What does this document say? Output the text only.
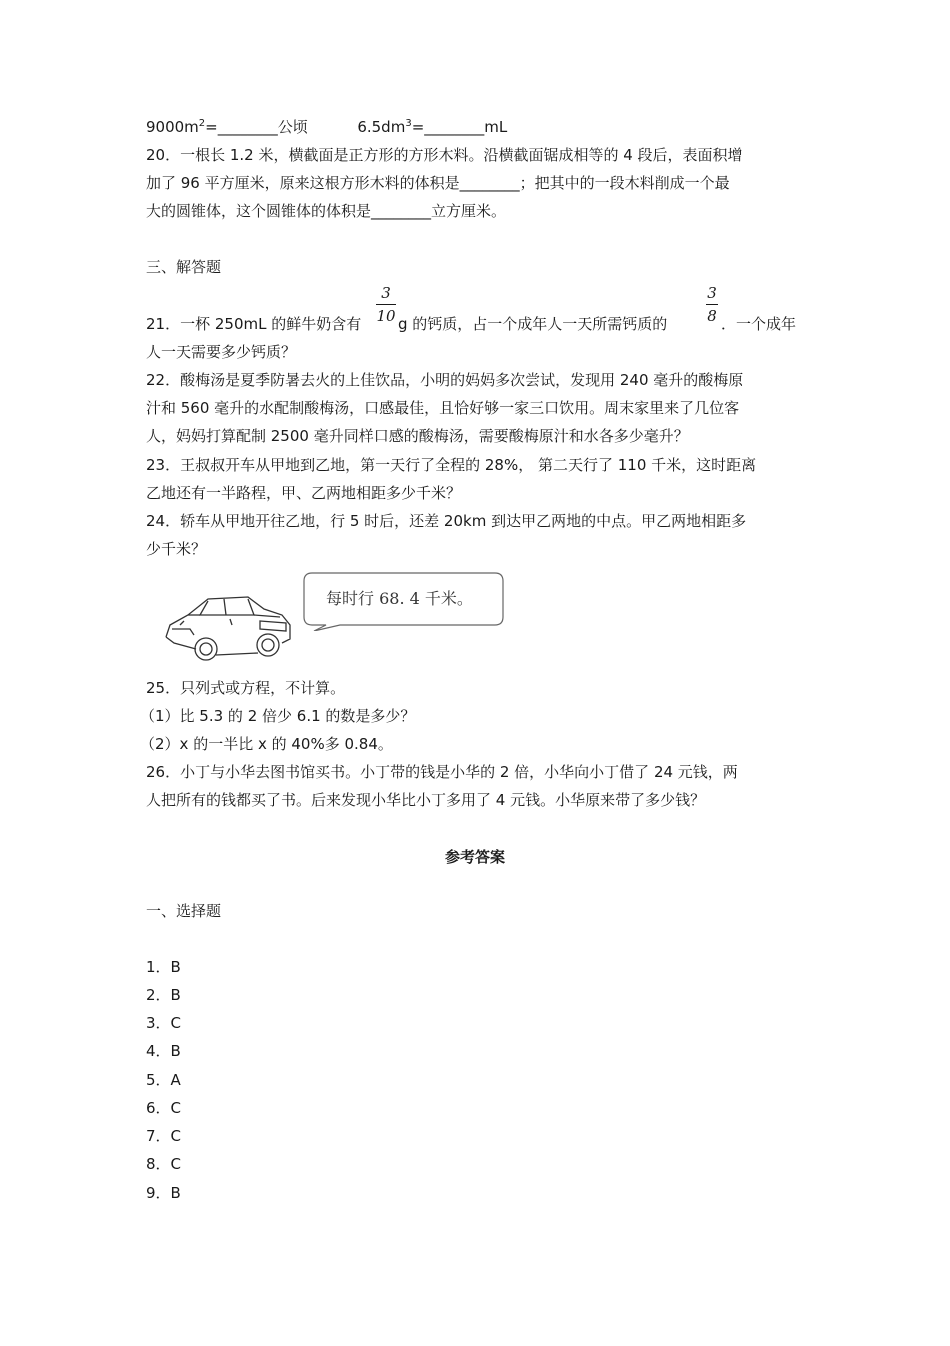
$9000m^2=\_\_\_\_\_\_\_\_$公顷	$6.5dm^3=\_\_\_\_\_\_\_\_mL$
20．一根长 1.2 米，横截面是正方形的方形木料。沿横截面锯成相等的 4 段后，表面积增
加了 96 平方厘米，原来这根方形木料的体积是________；把其中的一段木料削成一个最
大的圆锥体，这个圆锥体的体积是________立方厘米。
三、解答题
3
10
3
8
21．一杯 250mL 的鲜牛奶含有 g 的钙质，占一个成年人一天所需钙质的	．一个成年
人一天需要多少钙质？
22．酸梅汤是夏季防暑去火的上佳饮品，小明的妈妈多次尝试，发现用 240 毫升的酸梅原
汁和 560 毫升的水配制酸梅汤，口感最佳，且恰好够一家三口饮用。周末家里来了几位客
人，妈妈打算配制 2500 毫升同样口感的酸梅汤，需要酸梅原汁和水各多少毫升？
23．王叔叔开车从甲地到乙地，第一天行了全程的 28%， 第二天行了 110 千米，这时距离
乙地还有一半路程，甲、乙两地相距多少千米？
24．轿车从甲地开往乙地，行 5 时后，还差 20km 到达甲乙两地的中点。甲乙两地相距多
少千米？
每时行 68. 4 千米。
25．只列式或方程，不计算。
（1）比 5.3 的 2 倍少 6.1 的数是多少？
（2）x 的一半比 x 的 40%多 0.84。
26．小丁与小华去图书馆买书。小丁带的钱是小华的 2 倍，小华向小丁借了 24 元钱，两
人把所有的钱都买了书。后来发现小华比小丁多用了 4 元钱。小华原来带了多少钱？
参考答案
一、选择题
1．B
2．B
3．C
4．B
5．A
6．C
7．C
8．C
9．B
